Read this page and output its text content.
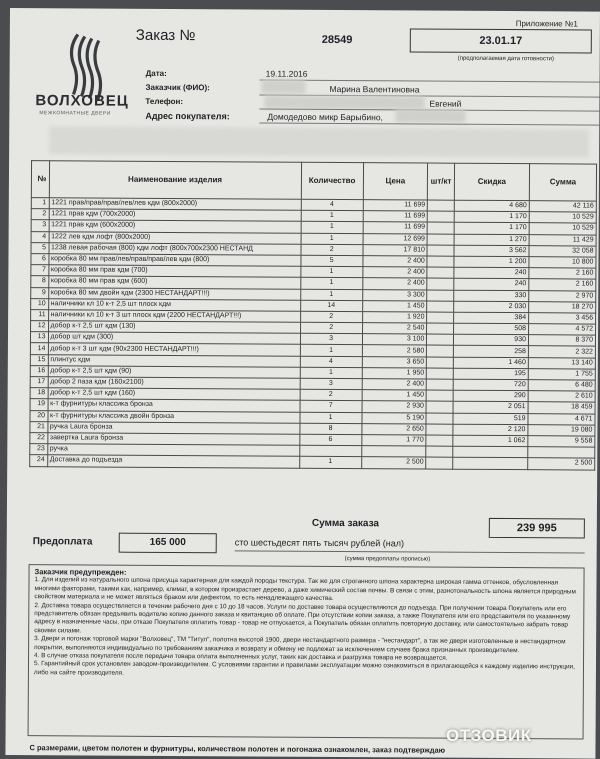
ВОЛХОВЕЦ
МЕЖКОМНАТНЫЕ ДВЕРИ
Приложение №1
Заказ №	28549	23.01.17
(предполагаемая дата готовности)
Дата:	19.11.2016
Заказчик (ФИО):	Марина Валентиновна
Телефон:	Евгений
Адрес покупателя:	Домодедово микр Барыбино,
№	Наименование изделия	Количество	Цена	шт/кт	Скидка	Сумма
1	1221 прав/прав/прав/лев/лев кдм (800х2000)	4	11 699		4 680	42 116
2	1221 прав кдм (700х2000)	1	11 699		1 170	10 529
3	1221 прав кдм (600х2000)	1	11 699		1 170	10 529
4	1222 лев кдм лофт (800х2000)	1	12 699		1 270	11 429
5	1238 левая рабочая (800) кдм лофт (800х700х2300 НЕСТАНД	2	17 810		3 562	32 058
6	коробка 80 мм прав/лев/прав/прав/лев кдм (800)	5	2 400		1 200	10 800
7	коробка 80 мм прав кдм (700)	1	2 400		240	2 160
8	коробка 80 мм прав кдм (600)	1	2 400		240	2 160
9	коробка 80 мм двойн кдм (2300 НЕСТАНДАРТ!!!)	1	3 300		330	2 970
10	наличники кл 10 к-т 2,5 шт плоск кдм	14	1 450		2 030	18 270
11	наличники кл 10 к-т 3 шт плоск кдм (2200 НЕСТАНДАРТ!!!)	2	1 920		384	3 456
12	добор к-т 2,5 шт кдм (130)	2	2 540		508	4 572
13	добор шт кдм (300)	3	3 100		930	8 370
14	добор к-т 3 шт кдм (90х2300 НЕСТАНДАРТ!!!)	1	2 580		258	2 322
15	плинтус кдм	4	3 650		1 460	13 140
16	добор к-т 2,5 шт кдм (90)	1	1 950		195	1 755
17	добор 2 паза кдм (160х2100)	3	2 400		720	6 480
18	добор к-т 2,5 шт кдм (160)	2	1 450		290	2 610
19	к-т фурнитуры классика бронза	7	2 930		2 051	18 459
20	к-т фурнитуры классика двойн бронза	1	5 190		519	4 671
21	ручка Laura бронза	8	2 650		2 120	19 080
22	завертка Laura бронза	6	1 770		1 062	9 558
23	ручка					
24	Доставка до подъезда	1	2 500			2 500
Сумма заказа	239 995
Предоплата	165 000	сто шестьдесят пять тысяч рублей (нал)
(сумма предоплаты прописью)
Заказчик предупрежден:

1. Для изделий из натурального шпона присуща характерная для каждой породы текстура. Так же для строганного шпона характерна широкая гамма оттенков, обусловленная многими факторами, такими как, например, климат, в котором произрастает дерево, а даже химический состав почвы. В связи с этим, разнотональность шпона является природным свойством материала и не может являться браком или дефектом, то есть ненадлежащего качества.

2. Доставка товара осуществляется в течении рабочего дня с 10 до 18 часов. Услуги по доставке товара осуществляются до подъезда. При получении товара Покупатель или его представитель обязан предъявить водителю копию данного заказа и квитанцию об оплате. При отсутствии копии заказа, а также Покупателя или его представителя по указанному адресу в назначенные часы, при отказе Покупателя оплатить товар - товар не отпускается, а Покупатель обязан оплатить повторную доставку, или самостоятельно забрать товар своими силами.

3. Двери и погонаж торговой марки "Волховец", ТМ "Титул", полотна высотой 1900, двери нестандартного размера - "нестандарт", а так же двери изготовленные в нестандартном покрытии, выполняются индивидуально по требованиям заказчика и возврату и обмену не подлежат за исключением случаев брака признанных производителем.

4. В случае отказа покупателя после передачи товара оплата выполненных услуг, таких как доставка и разгрузка товара не возвращается.

5. Гарантийный срок установлен заводом-производителем. С условиями гарантии и правилами эксплуатации можно ознакомиться в прилагающейся к каждому изделию инструкции, либо на сайте производителя.

С размерами, цветом полотен и фурнитуры, количеством полотен и погонажа ознакомлен, заказ подтверждаю
ОТЗОВИК
